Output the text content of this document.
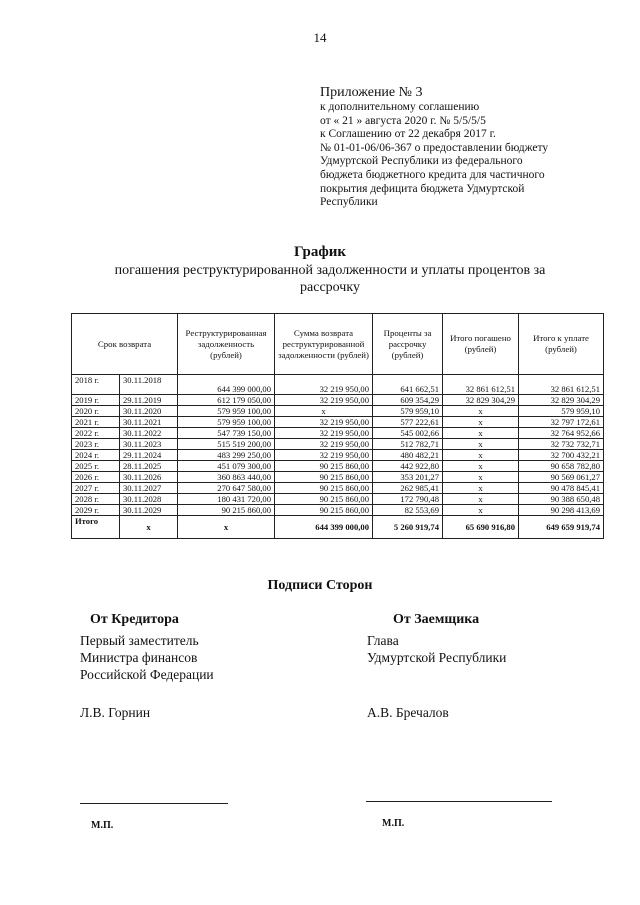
14
Приложение № 3
к дополнительному соглашению
от « 21 » августа 2020 г. № 5/5/5/5
к Соглашению от 22 декабря 2017 г.
№ 01-01-06/06-367 о предоставлении бюджету
Удмуртской Республики из федерального
бюджета бюджетного кредита для частичного
покрытия дефицита бюджета Удмуртской
Республики
График
погашения реструктурированной задолженности и уплаты процентов за рассрочку
Срок возврата		Реструктурированная задолженность (рублей)	Сумма возврата реструктурированной задолженности (рублей)	Проценты за рассрочку (рублей)	Итого погашено (рублей)	Итого к уплате (рублей)
2018 г.	30.11.2018	644 399 000,00	32 219 950,00	641 662,51	32 861 612,51	32 861 612,51
2019 г.	29.11.2019	612 179 050,00	32 219 950,00	609 354,29	32 829 304,29	32 829 304,29
2020 г.	30.11.2020	579 959 100,00	x	579 959,10	x	579 959,10
2021 г.	30.11.2021	579 959 100,00	32 219 950,00	577 222,61	x	32 797 172,61
2022 г.	30.11.2022	547 739 150,00	32 219 950,00	545 002,66	x	32 764 952,66
2023 г.	30.11.2023	515 519 200,00	32 219 950,00	512 782,71	x	32 732 732,71
2024 г.	29.11.2024	483 299 250,00	32 219 950,00	480 482,21	x	32 700 432,21
2025 г.	28.11.2025	451 079 300,00	90 215 860,00	442 922,80	x	90 658 782,80
2026 г.	30.11.2026	360 863 440,00	90 215 860,00	353 201,27	x	90 569 061,27
2027 г.	30.11.2027	270 647 580,00	90 215 860,00	262 985,41	x	90 478 845,41
2028 г.	30.11.2028	180 431 720,00	90 215 860,00	172 790,48	x	90 388 650,48
2029 г.	30.11.2029	90 215 860,00	90 215 860,00	82 553,69	x	90 298 413,69
Итого	x	x	644 399 000,00	5 260 919,74	65 690 916,80	649 659 919,74
Подписи Сторон
От Кредитора
Первый заместитель
Министра финансов
Российской Федерации
От Заемщика
Глава
Удмуртской Республики
Л.В. Горнин	А.В. Бречалов
М.П.	М.П.
